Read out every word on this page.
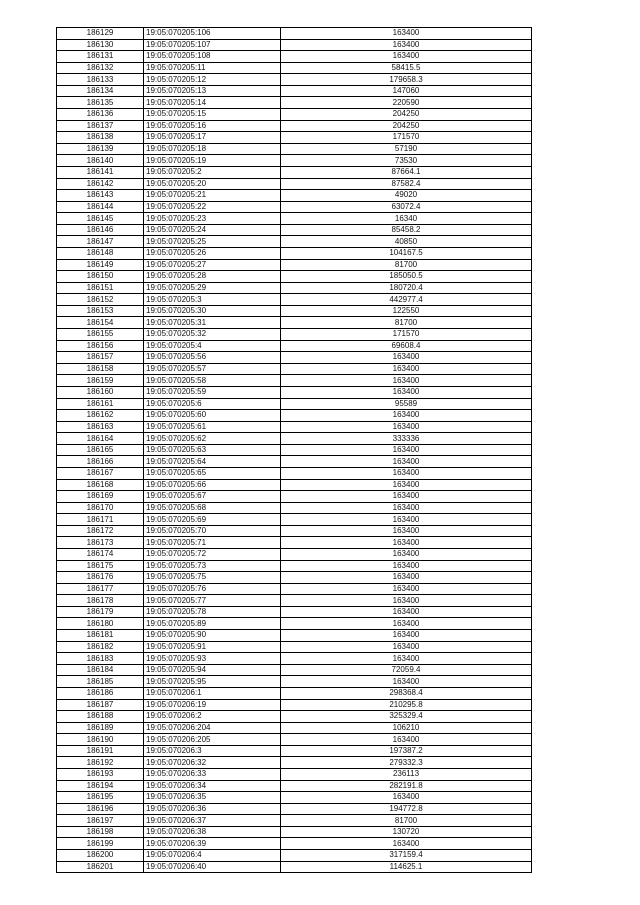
186129	19:05:070205:106	163400
186130	19:05:070205:107	163400
186131	19:05:070205:108	163400
186132	19:05:070205:11	58415.5
186133	19:05:070205:12	179658.3
186134	19:05:070205:13	147060
186135	19:05:070205:14	220590
186136	19:05:070205:15	204250
186137	19:05:070205:16	204250
186138	19:05:070205:17	171570
186139	19:05:070205:18	57190
186140	19:05:070205:19	73530
186141	19:05:070205:2	87664.1
186142	19:05:070205:20	87582.4
186143	19:05:070205:21	49020
186144	19:05:070205:22	63072.4
186145	19:05:070205:23	16340
186146	19:05:070205:24	85458.2
186147	19:05:070205:25	40850
186148	19:05:070205:26	104167.5
186149	19:05:070205:27	81700
186150	19:05:070205:28	185050.5
186151	19:05:070205:29	180720.4
186152	19:05:070205:3	442977.4
186153	19:05:070205:30	122550
186154	19:05:070205:31	81700
186155	19:05:070205:32	171570
186156	19:05:070205:4	69608.4
186157	19:05:070205:56	163400
186158	19:05:070205:57	163400
186159	19:05:070205:58	163400
186160	19:05:070205:59	163400
186161	19:05:070205:6	95589
186162	19:05:070205:60	163400
186163	19:05:070205:61	163400
186164	19:05:070205:62	333336
186165	19:05:070205:63	163400
186166	19:05:070205:64	163400
186167	19:05:070205:65	163400
186168	19:05:070205:66	163400
186169	19:05:070205:67	163400
186170	19:05:070205:68	163400
186171	19:05:070205:69	163400
186172	19:05:070205:70	163400
186173	19:05:070205:71	163400
186174	19:05:070205:72	163400
186175	19:05:070205:73	163400
186176	19:05:070205:75	163400
186177	19:05:070205:76	163400
186178	19:05:070205:77	163400
186179	19:05:070205:78	163400
186180	19:05:070205:89	163400
186181	19:05:070205:90	163400
186182	19:05:070205:91	163400
186183	19:05:070205:93	163400
186184	19:05:070205:94	72059.4
186185	19:05:070205:95	163400
186186	19:05:070206:1	298368.4
186187	19:05:070206:19	210295.8
186188	19:05:070206:2	325329.4
186189	19:05:070206:204	106210
186190	19:05:070206:205	163400
186191	19:05:070206:3	197387.2
186192	19:05:070206:32	279332.3
186193	19:05:070206:33	236113
186194	19:05:070206:34	282191.8
186195	19:05:070206:35	163400
186196	19:05:070206:36	194772.8
186197	19:05:070206:37	81700
186198	19:05:070206:38	130720
186199	19:05:070206:39	163400
186200	19:05:070206:4	317159.4
186201	19:05:070206:40	114625.1
